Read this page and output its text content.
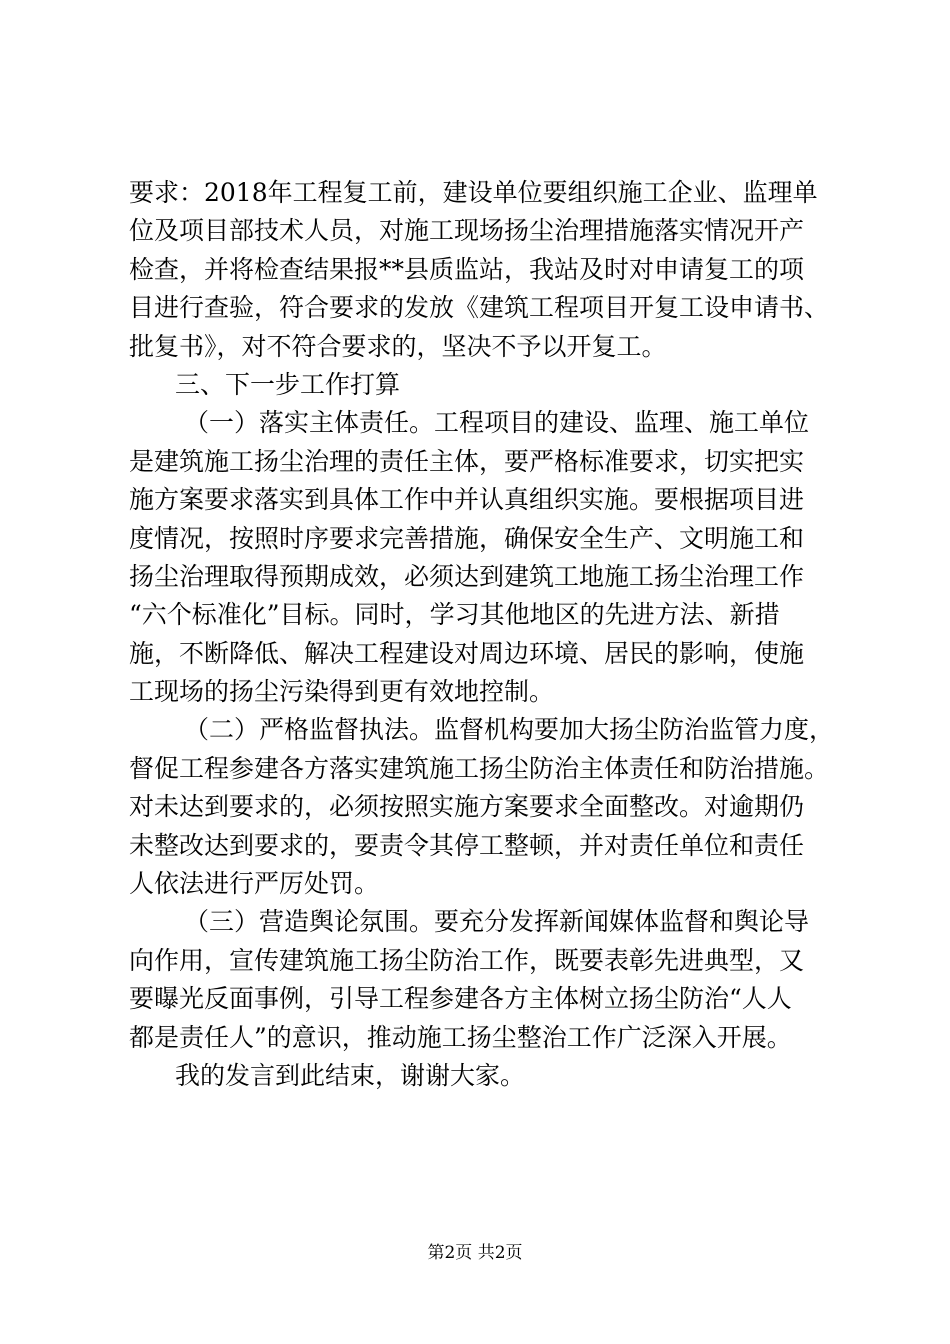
要求：2018年工程复工前，建设单位要组织施工企业、监理单
位及项目部技术人员，对施工现场扬尘治理措施落实情况开产
检查，并将检查结果报**县质监站，我站及时对申请复工的项
目进行查验，符合要求的发放《建筑工程项目开复工设申请书、
批复书》，对不符合要求的，坚决不予以开复工。
三、下一步工作打算
（一）落实主体责任。工程项目的建设、监理、施工单位
是建筑施工扬尘治理的责任主体，要严格标准要求，切实把实
施方案要求落实到具体工作中并认真组织实施。要根据项目进
度情况，按照时序要求完善措施，确保安全生产、文明施工和
扬尘治理取得预期成效，必须达到建筑工地施工扬尘治理工作
“六个标准化”目标。同时，学习其他地区的先进方法、新措
施，不断降低、解决工程建设对周边环境、居民的影响，使施
工现场的扬尘污染得到更有效地控制。
（二）严格监督执法。监督机构要加大扬尘防治监管力度，
督促工程参建各方落实建筑施工扬尘防治主体责任和防治措施。
对未达到要求的，必须按照实施方案要求全面整改。对逾期仍
未整改达到要求的，要责令其停工整顿，并对责任单位和责任
人依法进行严厉处罚。
（三）营造舆论氛围。要充分发挥新闻媒体监督和舆论导
向作用，宣传建筑施工扬尘防治工作，既要表彰先进典型，又
要曝光反面事例，引导工程参建各方主体树立扬尘防治“人人
都是责任人”的意识，推动施工扬尘整治工作广泛深入开展。
我的发言到此结束，谢谢大家。
第2页 共2页
